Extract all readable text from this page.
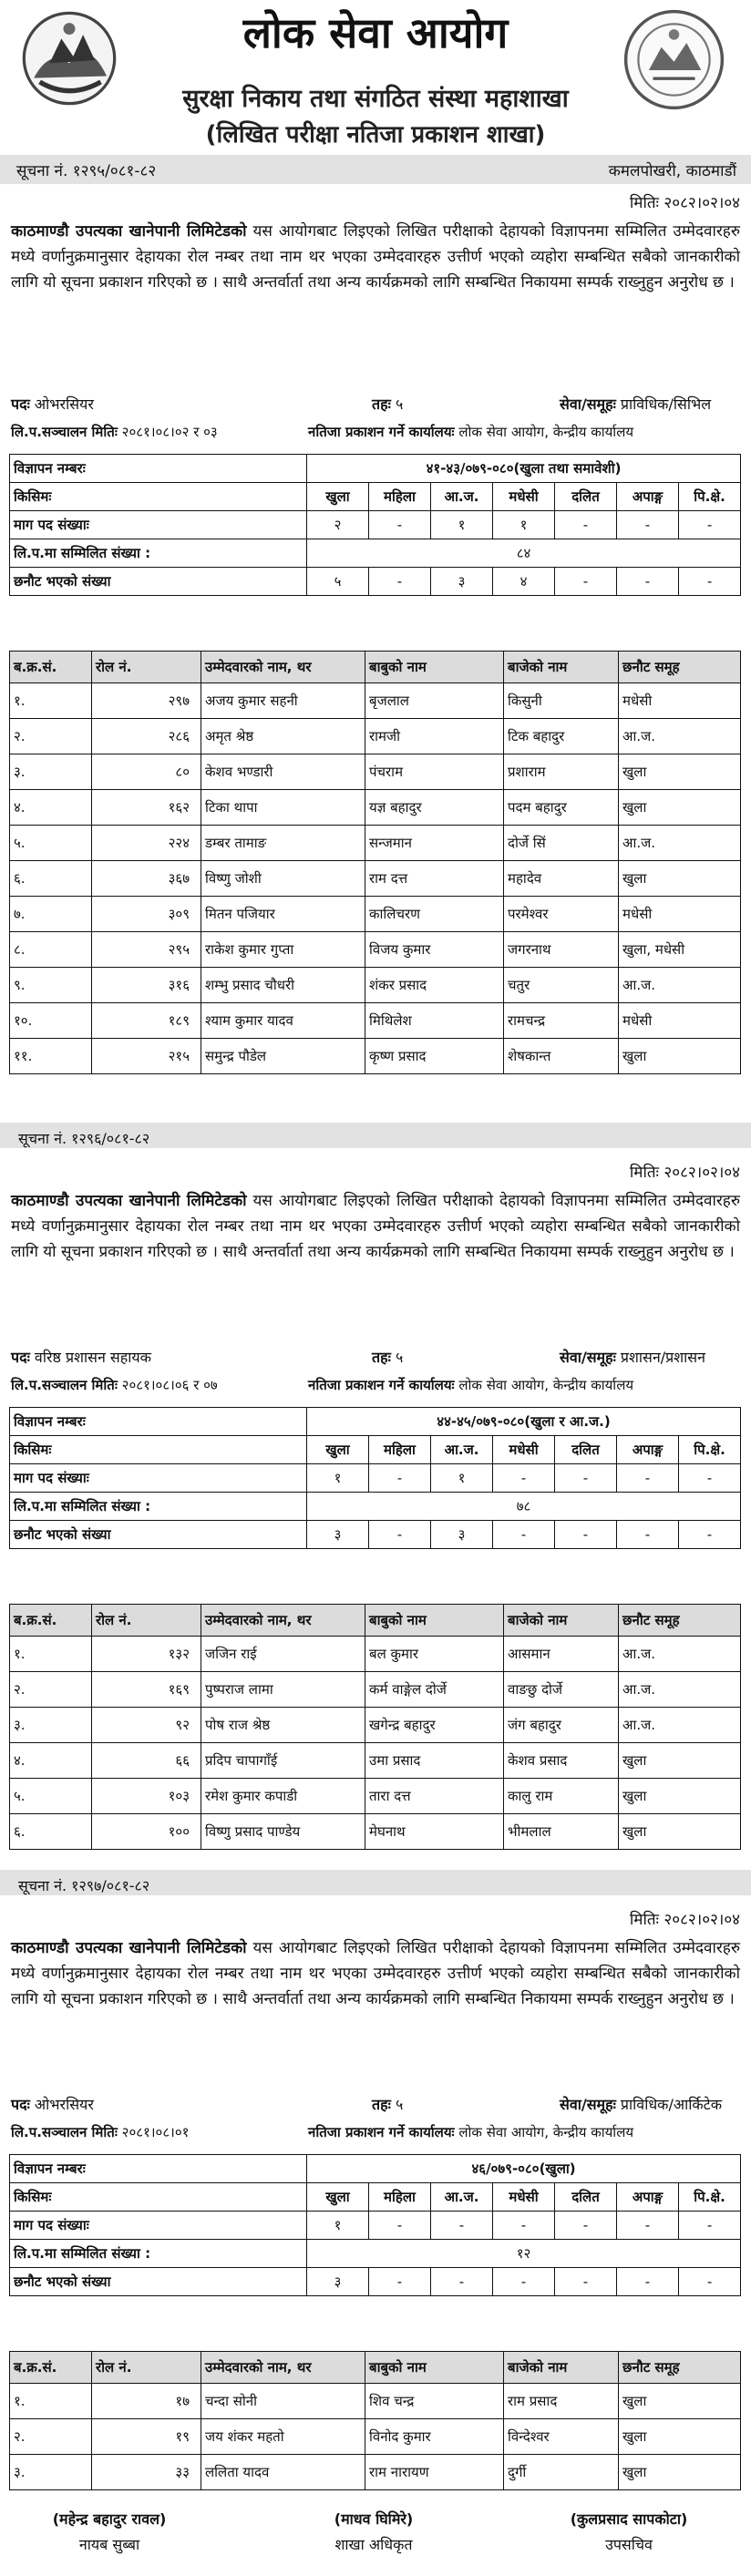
लोक सेवा आयोग
सुरक्षा निकाय तथा संगठित संस्था महाशाखा
(लिखित परीक्षा नतिजा प्रकाशन शाखा)
सूचना नं. १२९५/०८१-८२	कमलपोखरी, काठमाडौं
मितिः २०८२।०२।०४
काठमाण्डौ उपत्यका खानेपानी लिमिटेडको यस आयोगबाट लिइएको लिखित परीक्षाको देहायको विज्ञापनमा सम्मिलित उम्मेदवारहरु मध्ये वर्णानुक्रमानुसार देहायका रोल नम्बर तथा नाम थर भएका उम्मेदवारहरु उत्तीर्ण भएको व्यहोरा सम्बन्धित सबैको जानकारीको लागि यो सूचना प्रकाशन गरिएको छ । साथै अन्तर्वार्ता तथा अन्य कार्यक्रमको लागि सम्बन्धित निकायमा सम्पर्क राख्नुहुन अनुरोध छ ।
पदः ओभरसियर	तहः ५	सेवा/समूहः प्राविधिक/सिभिल
लि.प.सञ्चालन मितिः २०८१।०८।०२ र ०३	नतिजा प्रकाशन गर्ने कार्यालयः लोक सेवा आयोग, केन्द्रीय कार्यालय
विज्ञापन नम्बरः	४१-४३/०७९-०८०(खुला तथा समावेशी)						
किसिमः	खुला	महिला	आ.ज.	मधेसी	दलित	अपाङ्ग	पि.क्षे.
माग पद संख्याः	२	-	१	१	-	-	-
लि.प.मा सम्मिलित संख्या :	८४						
छनौट भएको संख्या	५	-	३	४	-	-	-
ब.क्र.सं.	रोल नं.	उम्मेदवारको नाम, थर	बाबुको नाम	बाजेको नाम	छनौट समूह
१.	२९७	अजय कुमार सहनी	बृजलाल	किसुनी	मधेसी
२.	२८६	अमृत श्रेष्ठ	रामजी	टिक बहादुर	आ.ज.
३.	८०	केशव भण्डारी	पंचराम	प्रशाराम	खुला
४.	१६२	टिका थापा	यज्ञ बहादुर	पदम बहादुर	खुला
५.	२२४	डम्बर तामाङ	सन्जमान	दोर्जे सिं	आ.ज.
६.	३६७	विष्णु जोशी	राम दत्त	महादेव	खुला
७.	३०९	मितन पजियार	कालिचरण	परमेश्वर	मधेसी
८.	२९५	राकेश कुमार गुप्ता	विजय कुमार	जगरनाथ	खुला, मधेसी
९.	३१६	शम्भु प्रसाद चौधरी	शंकर प्रसाद	चतुर	आ.ज.
१०.	१८९	श्याम कुमार यादव	मिथिलेश	रामचन्द्र	मधेसी
११.	२१५	समुन्द्र पौडेल	कृष्ण प्रसाद	शेषकान्त	खुला
सूचना नं. १२९६/०८१-८२
मितिः २०८२।०२।०४
काठमाण्डौ उपत्यका खानेपानी लिमिटेडको यस आयोगबाट लिइएको लिखित परीक्षाको देहायको विज्ञापनमा सम्मिलित उम्मेदवारहरु मध्ये वर्णानुक्रमानुसार देहायका रोल नम्बर तथा नाम थर भएका उम्मेदवारहरु उत्तीर्ण भएको व्यहोरा सम्बन्धित सबैको जानकारीको लागि यो सूचना प्रकाशन गरिएको छ । साथै अन्तर्वार्ता तथा अन्य कार्यक्रमको लागि सम्बन्धित निकायमा सम्पर्क राख्नुहुन अनुरोध छ ।
पदः वरिष्ठ प्रशासन सहायक	तहः ५	सेवा/समूहः प्रशासन/प्रशासन
लि.प.सञ्चालन मितिः २०८१।०८।०६ र ०७	नतिजा प्रकाशन गर्ने कार्यालयः लोक सेवा आयोग, केन्द्रीय कार्यालय
विज्ञापन नम्बरः	४४-४५/०७९-०८०(खुला र आ.ज.)						
किसिमः	खुला	महिला	आ.ज.	मधेसी	दलित	अपाङ्ग	पि.क्षे.
माग पद संख्याः	१	-	१	-	-	-	-
लि.प.मा सम्मिलित संख्या :	७८						
छनौट भएको संख्या	३	-	३	-	-	-	-
ब.क्र.सं.	रोल नं.	उम्मेदवारको नाम, थर	बाबुको नाम	बाजेको नाम	छनौट समूह
१.	१३२	जजिन राई	बल कुमार	आसमान	आ.ज.
२.	१६९	पुष्पराज लामा	कर्म वाङ्गेल दोर्जे	वाङछु दोर्जे	आ.ज.
३.	९२	पोष राज श्रेष्ठ	खगेन्द्र बहादुर	जंग बहादुर	आ.ज.
४.	६६	प्रदिप चापागाँई	उमा प्रसाद	केशव प्रसाद	खुला
५.	१०३	रमेश कुमार कपाडी	तारा दत्त	कालु राम	खुला
६.	१००	विष्णु प्रसाद पाण्डेय	मेघनाथ	भीमलाल	खुला
सूचना नं. १२९७/०८१-८२
मितिः २०८२।०२।०४
काठमाण्डौ उपत्यका खानेपानी लिमिटेडको यस आयोगबाट लिइएको लिखित परीक्षाको देहायको विज्ञापनमा सम्मिलित उम्मेदवारहरु मध्ये वर्णानुक्रमानुसार देहायका रोल नम्बर तथा नाम थर भएका उम्मेदवारहरु उत्तीर्ण भएको व्यहोरा सम्बन्धित सबैको जानकारीको लागि यो सूचना प्रकाशन गरिएको छ । साथै अन्तर्वार्ता तथा अन्य कार्यक्रमको लागि सम्बन्धित निकायमा सम्पर्क राख्नुहुन अनुरोध छ ।
पदः ओभरसियर	तहः ५	सेवा/समूहः प्राविधिक/आर्किटेक
लि.प.सञ्चालन मितिः २०८१।०८।०१	नतिजा प्रकाशन गर्ने कार्यालयः लोक सेवा आयोग, केन्द्रीय कार्यालय
विज्ञापन नम्बरः	४६/०७९-०८०(खुला)						
किसिमः	खुला	महिला	आ.ज.	मधेसी	दलित	अपाङ्ग	पि.क्षे.
माग पद संख्याः	१	-	-	-	-	-	-
लि.प.मा सम्मिलित संख्या :	१२						
छनौट भएको संख्या	३	-	-	-	-	-	-
ब.क्र.सं.	रोल नं.	उम्मेदवारको नाम, थर	बाबुको नाम	बाजेको नाम	छनौट समूह
१.	१७	चन्दा सोनी	शिव चन्द्र	राम प्रसाद	खुला
२.	१९	जय शंकर महतो	विनोद कुमार	विन्देश्वर	खुला
३.	३३	ललिता यादव	राम नारायण	दुर्गी	खुला
(महेन्द्र बहादुर रावल)
नायब सुब्बा
(माधव घिमिरे)
शाखा अधिकृत
(कुलप्रसाद सापकोटा)
उपसचिव
